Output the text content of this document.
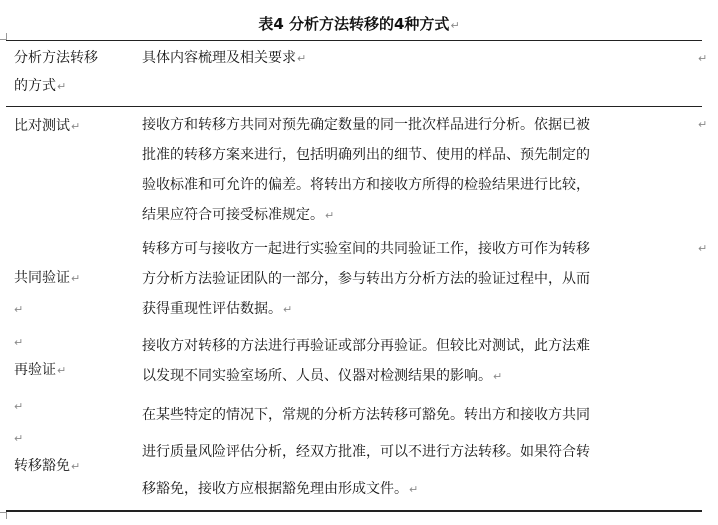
表4 分析方法转移的4种方式↵
分析方法转移
的方式↵
具体内容梳理及相关要求↵	↵
比对测试↵	接收方和转移方共同对预先确定数量的同一批次样品进行分析。依据已被
批准的转移方案来进行，包括明确列出的细节、使用的样品、预先制定的
验收标准和可允许的偏差。将转出方和接收方所得的检验结果进行比较，
结果应符合可接受标准规定。↵
↵
共同验证↵
↵
转移方可与接收方一起进行实验室间的共同验证工作，接收方可作为转移
方分析方法验证团队的一部分，参与转出方分析方法的验证过程中，从而
获得重现性评估数据。↵
↵
↵
再验证↵
接收方对转移的方法进行再验证或部分再验证。但较比对测试，此方法难
以发现不同实验室场所、人员、仪器对检测结果的影响。↵
↵
↵
转移豁免↵
在某些特定的情况下，常规的分析方法转移可豁免。转出方和接收方共同
进行质量风险评估分析，经双方批准，可以不进行方法转移。如果符合转
移豁免，接收方应根据豁免理由形成文件。↵
